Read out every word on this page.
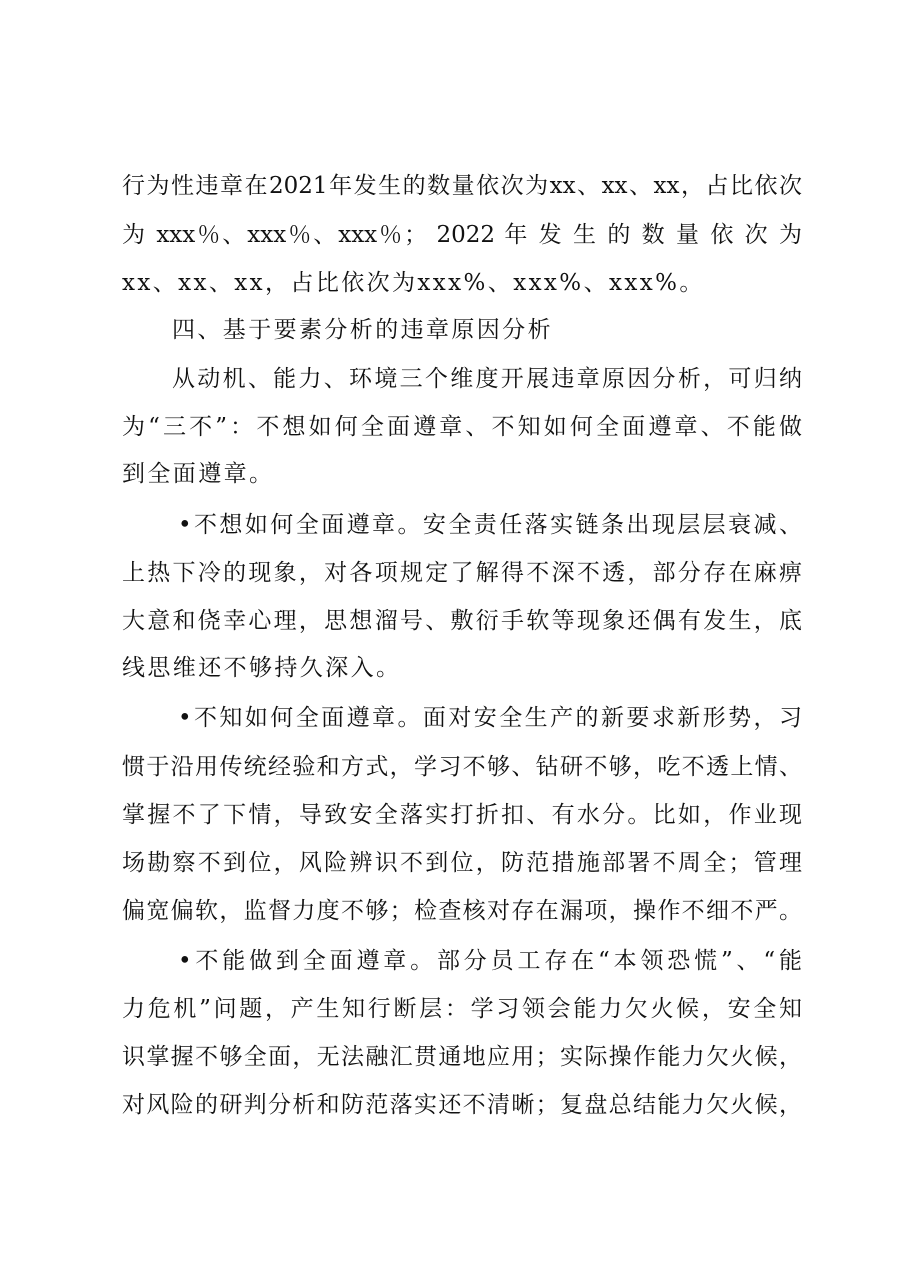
行为性违章在2021年发生的数量依次为xx、xx、xx，占比依次
为 xxx％、xxx％、xxx％； 2022 年 发 生 的 数 量 依 次 为
xx、xx、xx，占比依次为xxx%、xxx%、xxx%。
四、基于要素分析的违章原因分析
从动机、能力、环境三个维度开展违章原因分析，可归纳
为“三不”：不想如何全面遵章、不知如何全面遵章、不能做
到全面遵章。
•不想如何全面遵章。安全责任落实链条出现层层衰减、
上热下冷的现象，对各项规定了解得不深不透，部分存在麻痹
大意和侥幸心理，思想溜号、敷衍手软等现象还偶有发生，底
线思维还不够持久深入。
•不知如何全面遵章。面对安全生产的新要求新形势，习
惯于沿用传统经验和方式，学习不够、钻研不够，吃不透上情、
掌握不了下情，导致安全落实打折扣、有水分。比如，作业现
场勘察不到位，风险辨识不到位，防范措施部署不周全；管理
偏宽偏软，监督力度不够；检查核对存在漏项，操作不细不严。
•不能做到全面遵章。部分员工存在“本领恐慌”、“能
力危机”问题，产生知行断层：学习领会能力欠火候，安全知
识掌握不够全面，无法融汇贯通地应用；实际操作能力欠火候，
对风险的研判分析和防范落实还不清晰；复盘总结能力欠火候，
